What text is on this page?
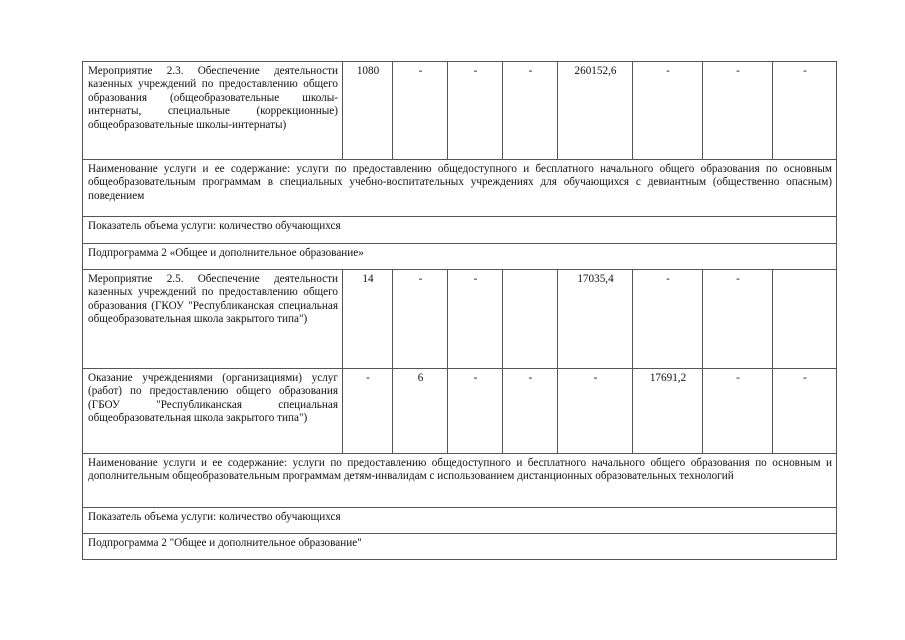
Мероприятие 2.3. Обеспечение деятельности казенных учреждений по предоставлению общего образования (общеобразовательные школы-интернаты, специальные (коррекционные) общеобразовательные школы-интернаты)	1080	-	-	-	260152,6	-	-	-
Наименование услуги и ее содержание: услуги по предоставлению общедоступного и бесплатного начального общего образования по основным общеобразовательным программам в специальных учебно-воспитательных учреждениях для обучающихся с девиантным (общественно опасным) поведением								
Показатель объема услуги: количество обучающихся								
Подпрограмма 2 «Общее и дополнительное образование»								
Мероприятие 2.5. Обеспечение деятельности казенных учреждений по предоставлению общего образования (ГКОУ "Республиканская специальная общеобразовательная школа закрытого типа")	14	-	-		17035,4	-	-	
Оказание учреждениями (организациями) услуг (работ) по предоставлению общего образования (ГБОУ "Республиканская специальная общеобразовательная школа закрытого типа")	-	6	-	-	-	17691,2	-	-
Наименование услуги и ее содержание: услуги по предоставлению общедоступного и бесплатного начального общего образования по основным и дополнительным общеобразовательным программам детям-инвалидам с использованием дистанционных образовательных технологий								
Показатель объема услуги: количество обучающихся								
Подпрограмма 2 "Общее и дополнительное образование"								
